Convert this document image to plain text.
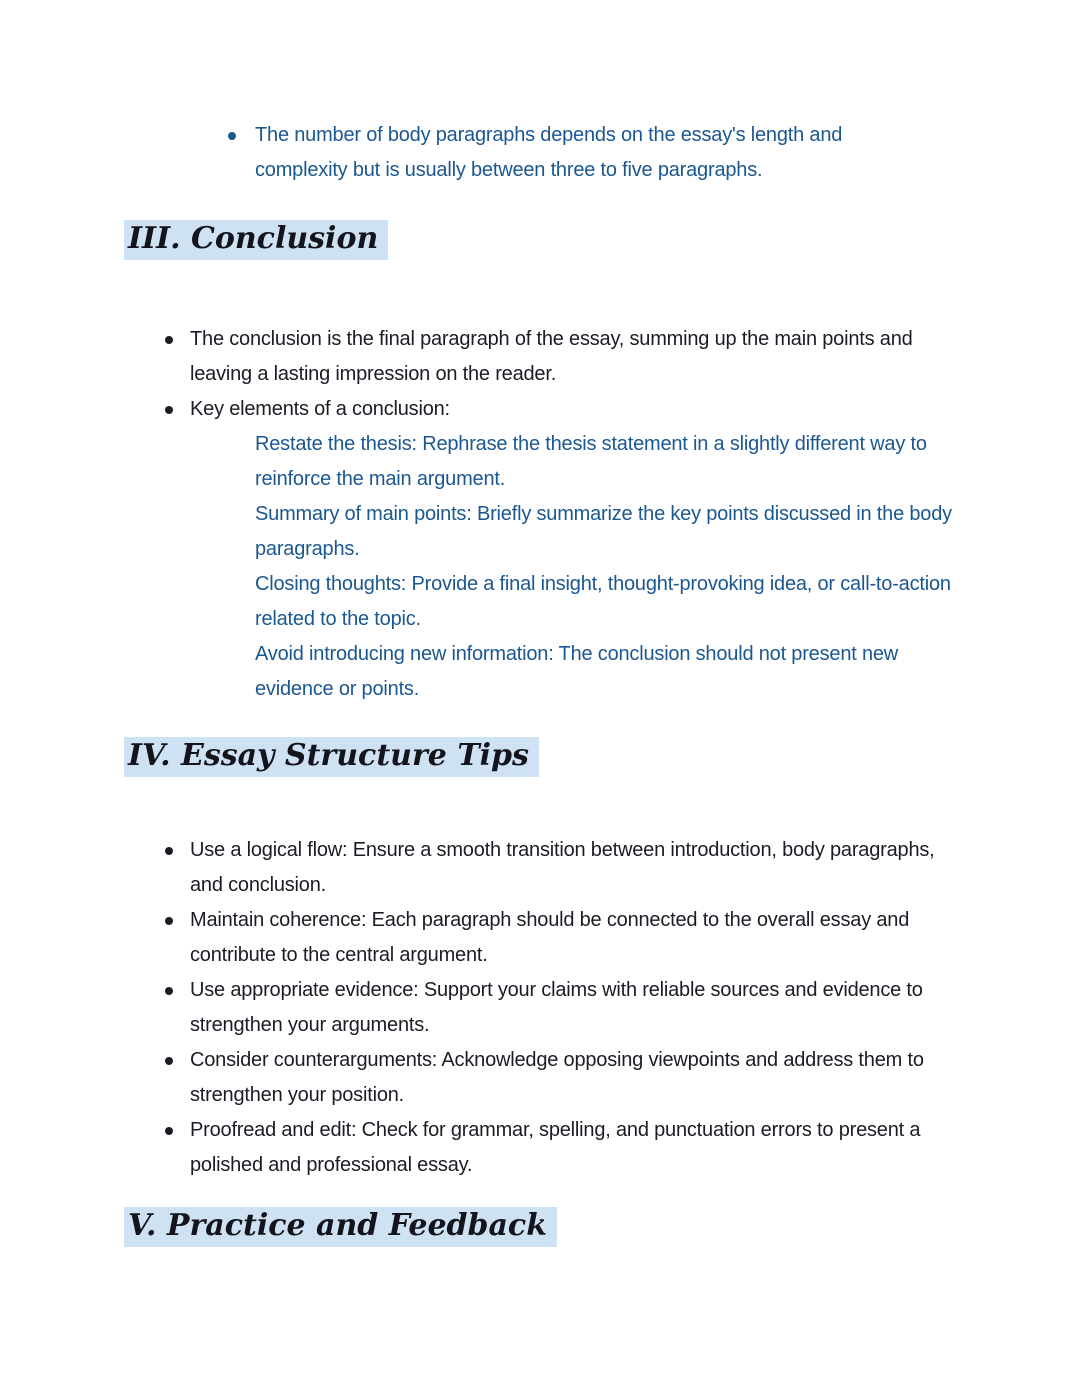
The number of body paragraphs depends on the essay's length and complexity but is usually between three to five paragraphs.
III. Conclusion
The conclusion is the final paragraph of the essay, summing up the main points and leaving a lasting impression on the reader.
Key elements of a conclusion:
Restate the thesis: Rephrase the thesis statement in a slightly different way to reinforce the main argument.
Summary of main points: Briefly summarize the key points discussed in the body paragraphs.
Closing thoughts: Provide a final insight, thought-provoking idea, or call-to-action related to the topic.
Avoid introducing new information: The conclusion should not present new evidence or points.
IV. Essay Structure Tips
Use a logical flow: Ensure a smooth transition between introduction, body paragraphs, and conclusion.
Maintain coherence: Each paragraph should be connected to the overall essay and contribute to the central argument.
Use appropriate evidence: Support your claims with reliable sources and evidence to strengthen your arguments.
Consider counterarguments: Acknowledge opposing viewpoints and address them to strengthen your position.
Proofread and edit: Check for grammar, spelling, and punctuation errors to present a polished and professional essay.
V. Practice and Feedback
